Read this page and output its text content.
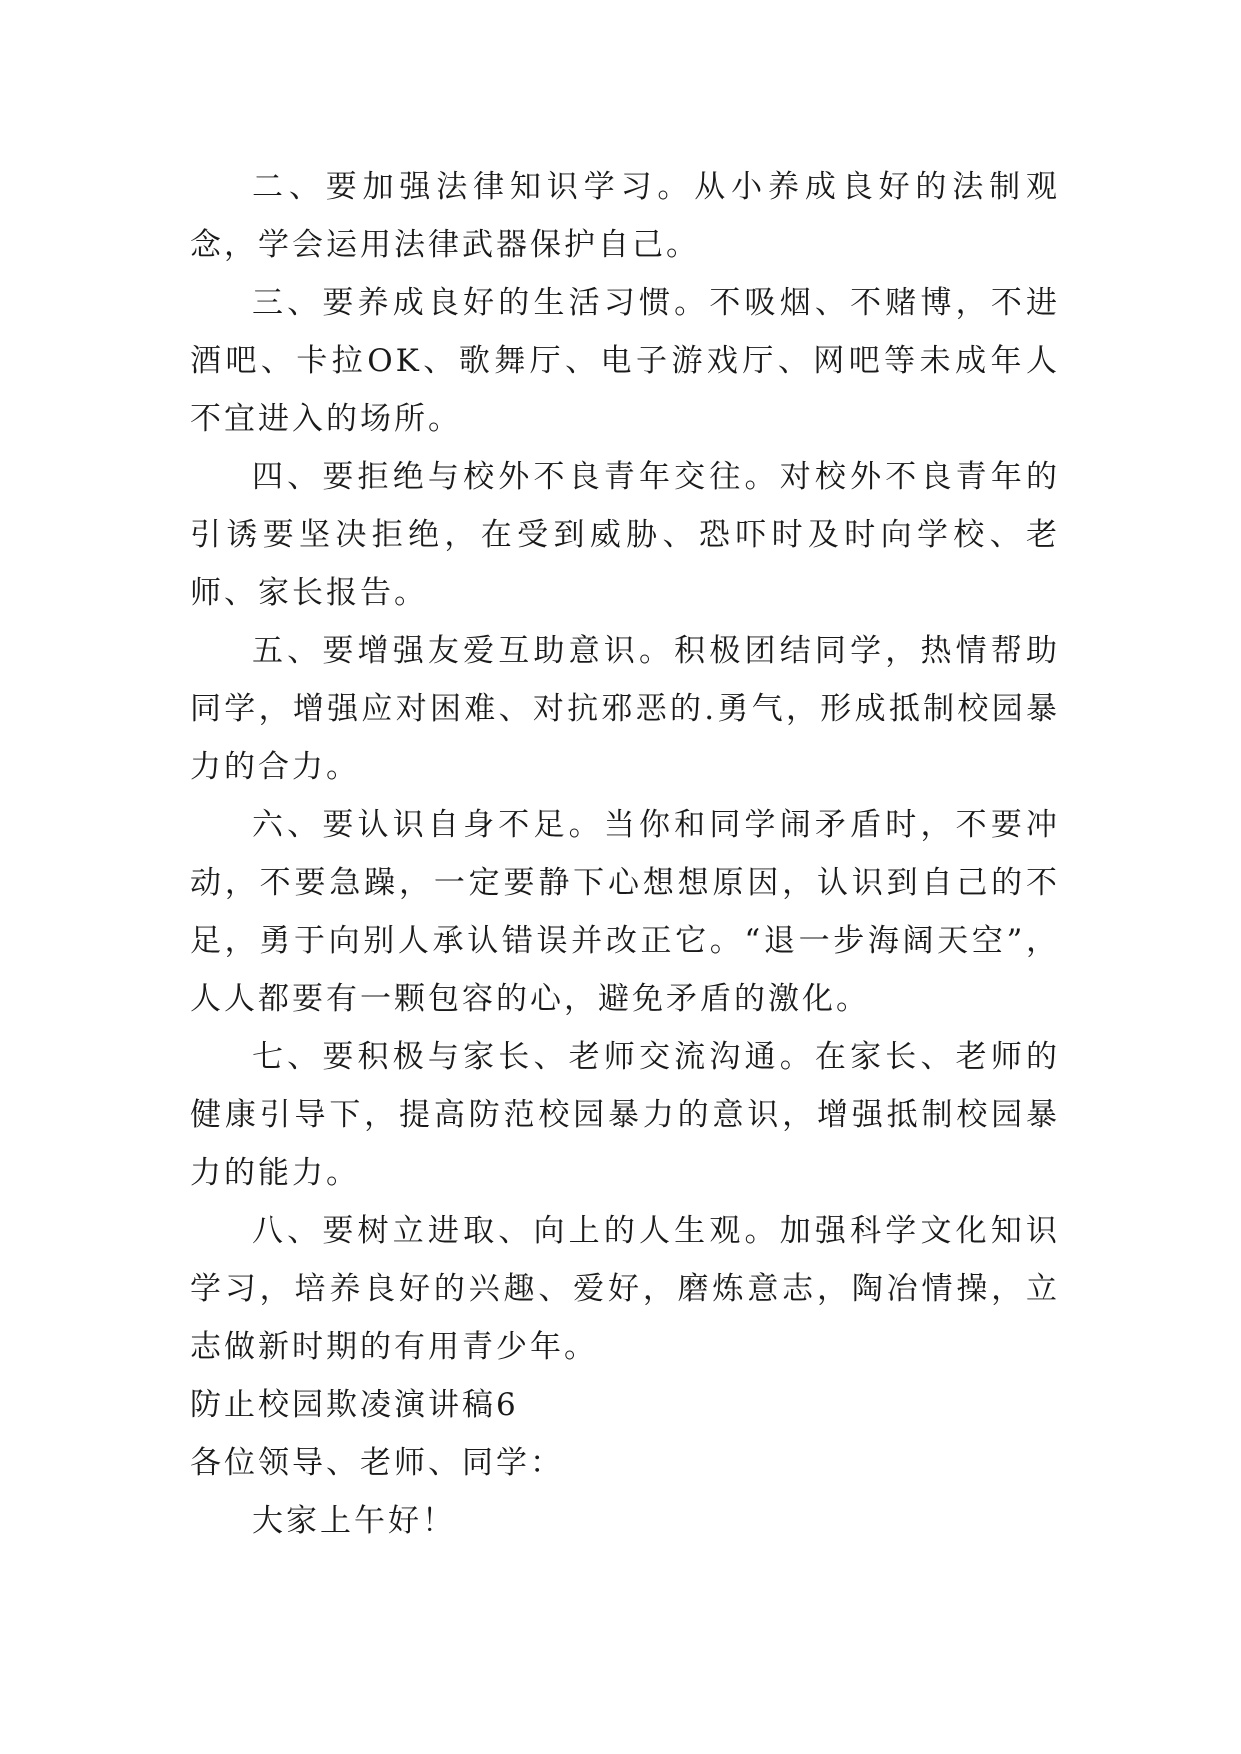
二、要加强法律知识学习。从小养成良好的法制观念，学会运用法律武器保护自己。

三、要养成良好的生活习惯。不吸烟、不赌博，不进酒吧、卡拉OK、歌舞厅、电子游戏厅、网吧等未成年人不宜进入的场所。

四、要拒绝与校外不良青年交往。对校外不良青年的引诱要坚决拒绝，在受到威胁、恐吓时及时向学校、老师、家长报告。

五、要增强友爱互助意识。积极团结同学，热情帮助同学，增强应对困难、对抗邪恶的.勇气，形成抵制校园暴力的合力。

六、要认识自身不足。当你和同学闹矛盾时，不要冲动，不要急躁，一定要静下心想想原因，认识到自己的不足，勇于向别人承认错误并改正它。“退一步海阔天空”，人人都要有一颗包容的心，避免矛盾的激化。

七、要积极与家长、老师交流沟通。在家长、老师的健康引导下，提高防范校园暴力的意识，增强抵制校园暴力的能力。

八、要树立进取、向上的人生观。加强科学文化知识学习，培养良好的兴趣、爱好，磨炼意志，陶冶情操，立志做新时期的有用青少年。

防止校园欺凌演讲稿6

各位领导、老师、同学：

大家上午好！
